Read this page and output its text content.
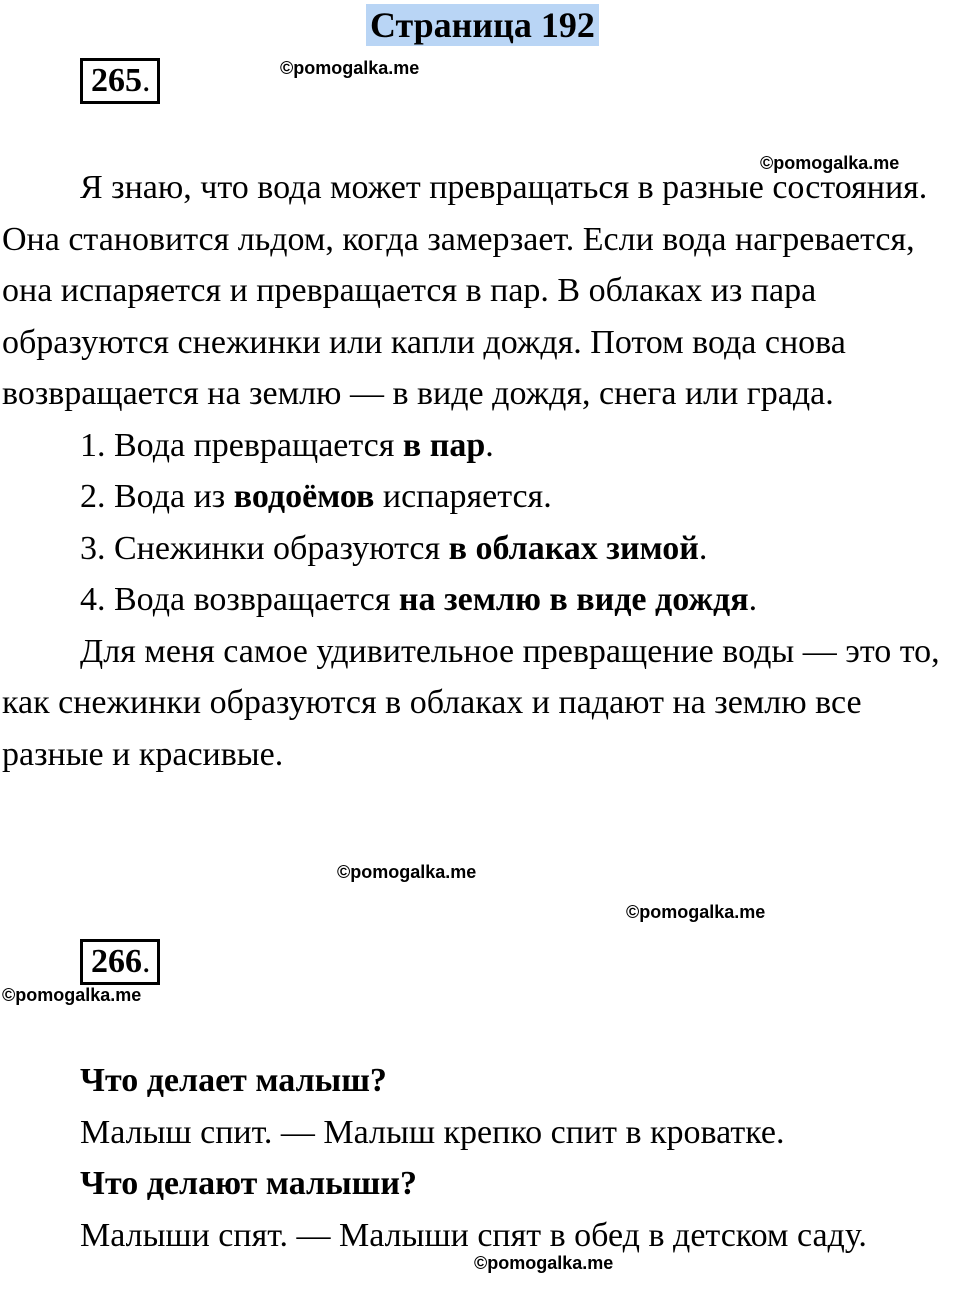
Страница 192
265.	©pomogalka.me
©pomogalka.me

Я знаю, что вода может превращаться в разные состояния. Она становится льдом, когда замерзает. Если вода нагревается, она испаряется и превращается в пар. В облаках из пара образуются снежинки или капли дождя. Потом вода снова возвращается на землю — в виде дождя, снега или града.

1. Вода превращается в пар.

2. Вода из водоёмов испаряется.

3. Снежинки образуются в облаках зимой.

4. Вода возвращается на землю в виде дождя.

Для меня самое удивительное превращение воды — это то, как снежинки образуются в облаках и падают на землю все разные и красивые.

©pomogalka.me
©pomogalka.me
266.
©pomogalka.me

Что делает малыш?

Малыш спит. — Малыш крепко спит в кроватке.

Что делают малыши?

Малыши спят. — Малыши спят в обед в детском саду.

©pomogalka.me
